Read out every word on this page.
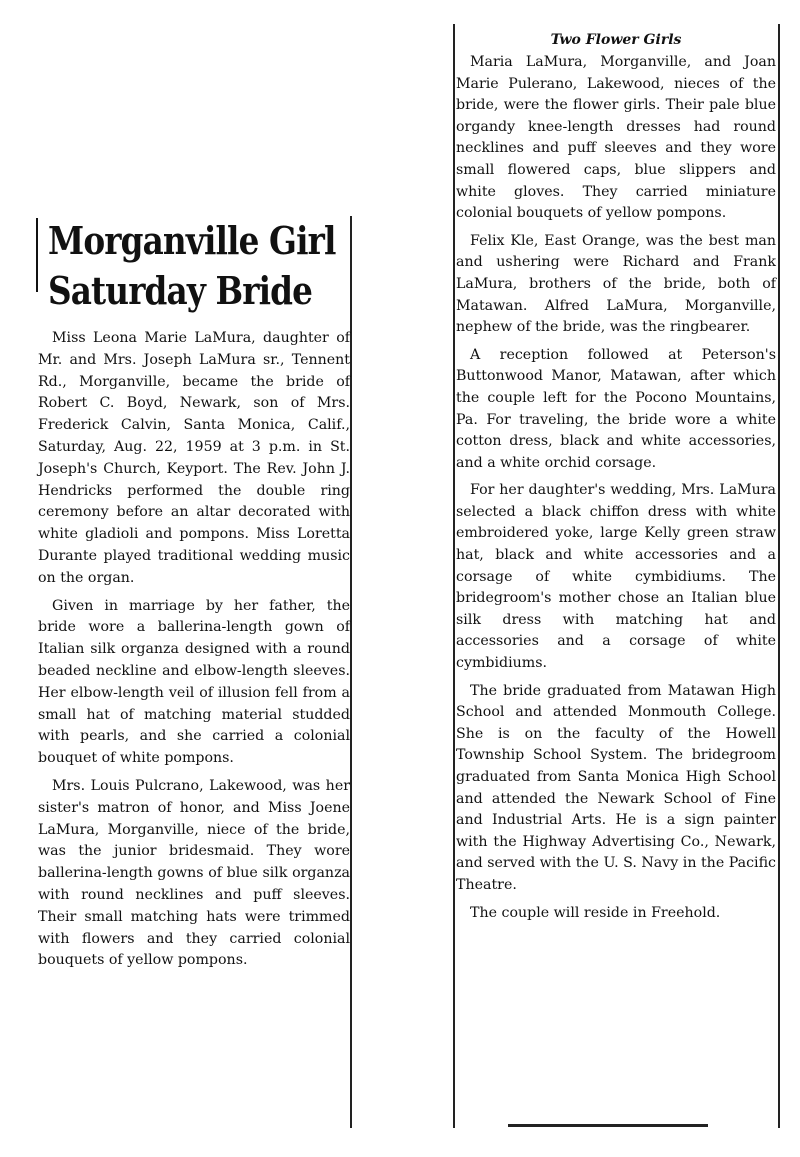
Morganville Girl
Saturday Bride

Miss Leona Marie LaMura, daughter of Mr. and Mrs. Joseph LaMura sr., Tennent Rd., Morganville, became the bride of Robert C. Boyd, Newark, son of Mrs. Frederick Calvin, Santa Monica, Calif., Saturday, Aug. 22, 1959 at 3 p.m. in St. Joseph's Church, Keyport. The Rev. John J. Hendricks performed the double ring ceremony before an altar decorated with white gladioli and pompons. Miss Loretta Durante played traditional wedding music on the organ.

Given in marriage by her father, the bride wore a ballerina-length gown of Italian silk organza designed with a round beaded neckline and elbow-length sleeves. Her elbow-length veil of illusion fell from a small hat of matching material studded with pearls, and she carried a colonial bouquet of white pompons.

Mrs. Louis Pulcrano, Lakewood, was her sister's matron of honor, and Miss Joene LaMura, Morganville, niece of the bride, was the junior bridesmaid. They wore ballerina-length gowns of blue silk organza with round necklines and puff sleeves. Their small matching hats were trimmed with flowers and they carried colonial bouquets of yellow pompons.

Two Flower Girls

Maria LaMura, Morganville, and Joan Marie Pulerano, Lakewood, nieces of the bride, were the flower girls. Their pale blue organdy knee-length dresses had round necklines and puff sleeves and they wore small flowered caps, blue slippers and white gloves. They carried miniature colonial bouquets of yellow pompons.

Felix Kle, East Orange, was the best man and ushering were Richard and Frank LaMura, brothers of the bride, both of Matawan. Alfred LaMura, Morganville, nephew of the bride, was the ringbearer.

A reception followed at Peterson's Buttonwood Manor, Matawan, after which the couple left for the Pocono Mountains, Pa. For traveling, the bride wore a white cotton dress, black and white accessories, and a white orchid corsage.

For her daughter's wedding, Mrs. LaMura selected a black chiffon dress with white embroidered yoke, large Kelly green straw hat, black and white accessories and a corsage of white cymbidiums. The bridegroom's mother chose an Italian blue silk dress with matching hat and accessories and a corsage of white cymbidiums.

The bride graduated from Matawan High School and attended Monmouth College. She is on the faculty of the Howell Township School System. The bridegroom graduated from Santa Monica High School and attended the Newark School of Fine and Industrial Arts. He is a sign painter with the Highway Advertising Co., Newark, and served with the U. S. Navy in the Pacific Theatre.

The couple will reside in Freehold.
